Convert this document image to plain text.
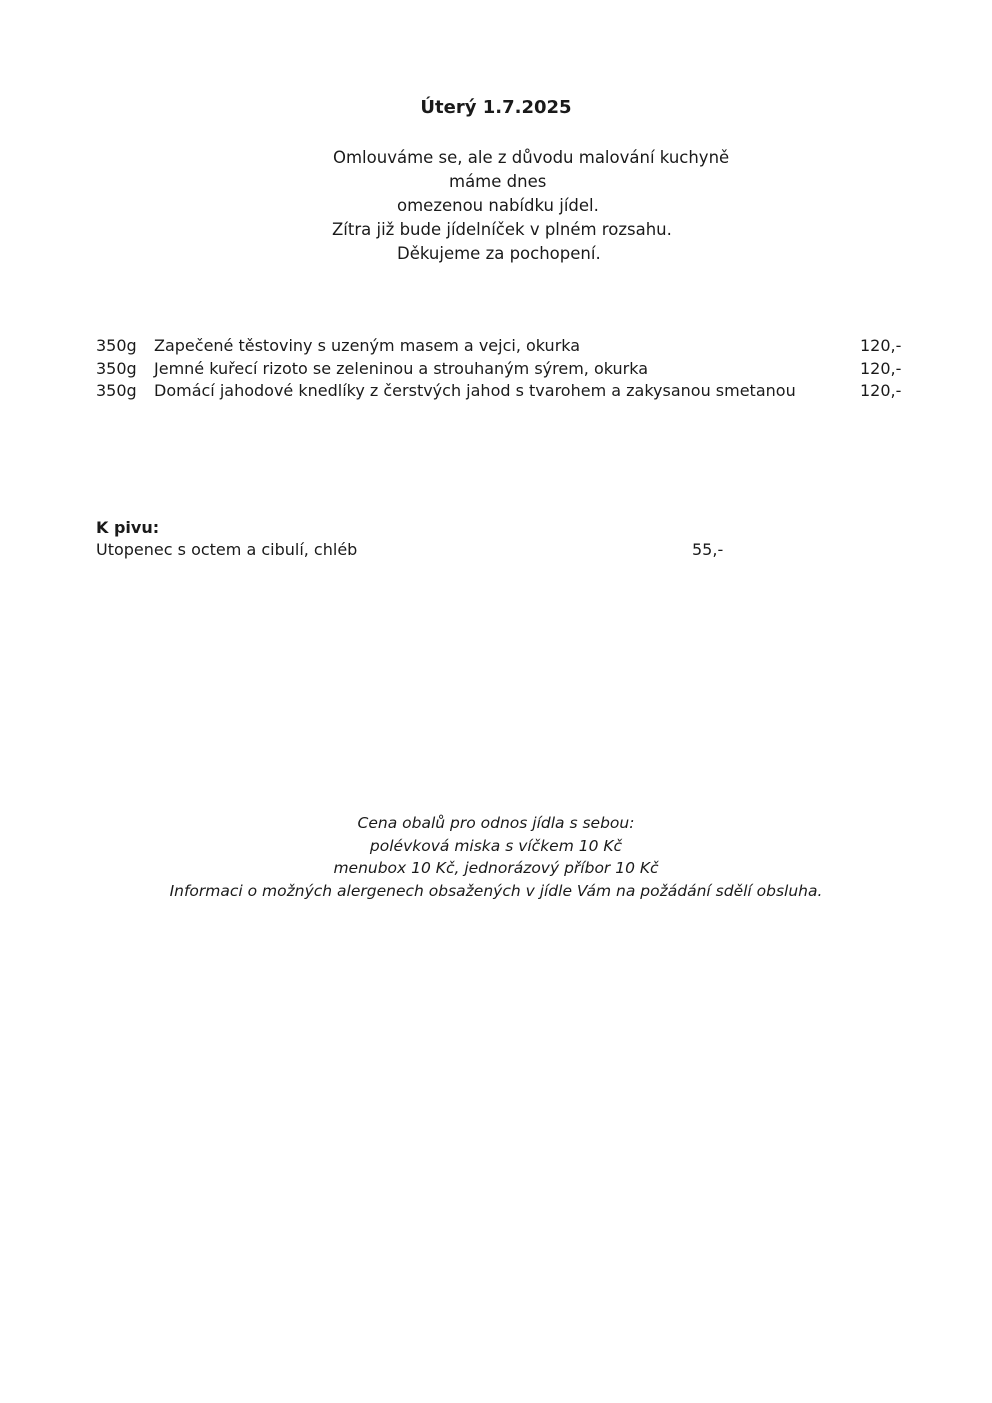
Úterý 1.7.2025
Omlouváme se, ale z důvodu malování kuchyně
máme dnes
omezenou nabídku jídel.
Zítra již bude jídelníček v plném rozsahu.
Děkujeme za pochopení.
350g Zapečené těstoviny s uzeným masem a vejci, okurka	120,-
350g Jemné kuřecí rizoto se zeleninou a strouhaným sýrem, okurka	120,-
350g Domácí jahodové knedlíky z čerstvých jahod s tvarohem a zakysanou smetanou	120,-
K pivu:
Utopenec s octem a cibulí, chléb	55,-
Cena obalů pro odnos jídla s sebou:
polévková miska s víčkem 10 Kč
menubox 10 Kč, jednorázový příbor 10 Kč
Informaci o možných alergenech obsažených v jídle Vám na požádání sdělí obsluha.
